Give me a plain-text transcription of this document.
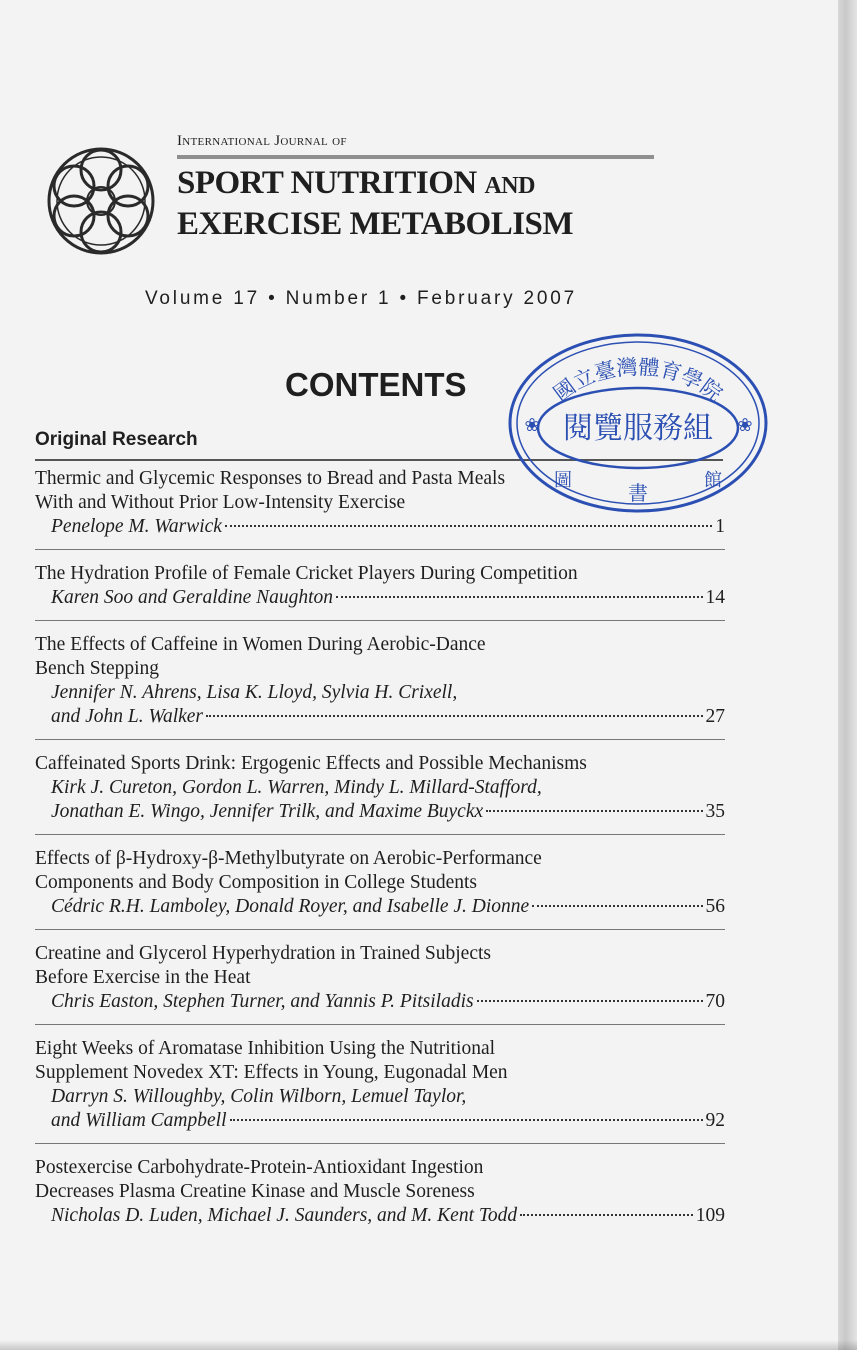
International Journal of
SPORT NUTRITION AND
EXERCISE METABOLISM
Volume 17 • Number 1 • February 2007
CONTENTS
Original Research
Thermic and Glycemic Responses to Bread and Pasta Meals
With and Without Prior Low-Intensity Exercise
Penelope M. Warwick	1
The Hydration Profile of Female Cricket Players During Competition
Karen Soo and Geraldine Naughton	14
The Effects of Caffeine in Women During Aerobic-Dance
Bench Stepping
Jennifer N. Ahrens, Lisa K. Lloyd, Sylvia H. Crixell,
and John L. Walker	27
Caffeinated Sports Drink: Ergogenic Effects and Possible Mechanisms
Kirk J. Cureton, Gordon L. Warren, Mindy L. Millard-Stafford,
Jonathan E. Wingo, Jennifer Trilk, and Maxime Buyckx	35
Effects of β-Hydroxy-β-Methylbutyrate on Aerobic-Performance
Components and Body Composition in College Students
Cédric R.H. Lamboley, Donald Royer, and Isabelle J. Dionne	56
Creatine and Glycerol Hyperhydration in Trained Subjects
Before Exercise in the Heat
Chris Easton, Stephen Turner, and Yannis P. Pitsiladis	70
Eight Weeks of Aromatase Inhibition Using the Nutritional
Supplement Novedex XT: Effects in Young, Eugonadal Men
Darryn S. Willoughby, Colin Wilborn, Lemuel Taylor,
and William Campbell	92
Postexercise Carbohydrate-Protein-Antioxidant Ingestion
Decreases Plasma Creatine Kinase and Muscle Soreness
Nicholas D. Luden, Michael J. Saunders, and M. Kent Todd	109
國立臺灣體育學院
閱覽服務組
圖
書
館
❀	❀
